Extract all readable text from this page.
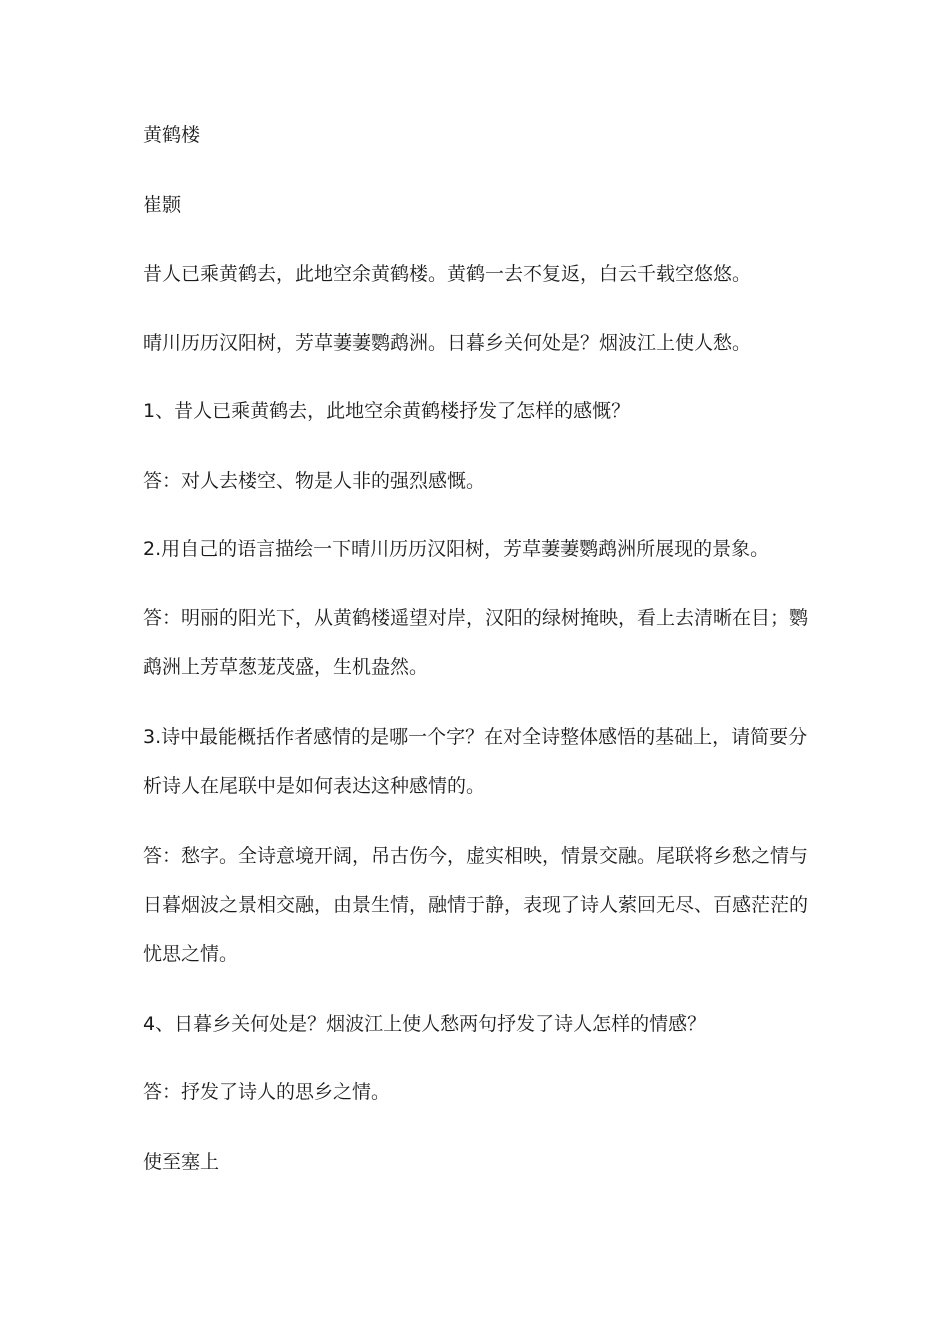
黄鹤楼

崔颢

昔人已乘黄鹤去，此地空余黄鹤楼。黄鹤一去不复返，白云千载空悠悠。

晴川历历汉阳树，芳草萋萋鹦鹉洲。日暮乡关何处是？烟波江上使人愁。

1、昔人已乘黄鹤去，此地空余黄鹤楼抒发了怎样的感慨？

答：对人去楼空、物是人非的强烈感慨。

2.用自己的语言描绘一下晴川历历汉阳树，芳草萋萋鹦鹉洲所展现的景象。

答：明丽的阳光下，从黄鹤楼遥望对岸，汉阳的绿树掩映，看上去清晰在目；鹦

鹉洲上芳草葱茏茂盛，生机盎然。

3.诗中最能概括作者感情的是哪一个字？在对全诗整体感悟的基础上，请简要分

析诗人在尾联中是如何表达这种感情的。

答：愁字。全诗意境开阔，吊古伤今，虚实相映，情景交融。尾联将乡愁之情与

日暮烟波之景相交融，由景生情，融情于静，表现了诗人萦回无尽、百感茫茫的

忧思之情。

4、日暮乡关何处是？烟波江上使人愁两句抒发了诗人怎样的情感？

答：抒发了诗人的思乡之情。

使至塞上
